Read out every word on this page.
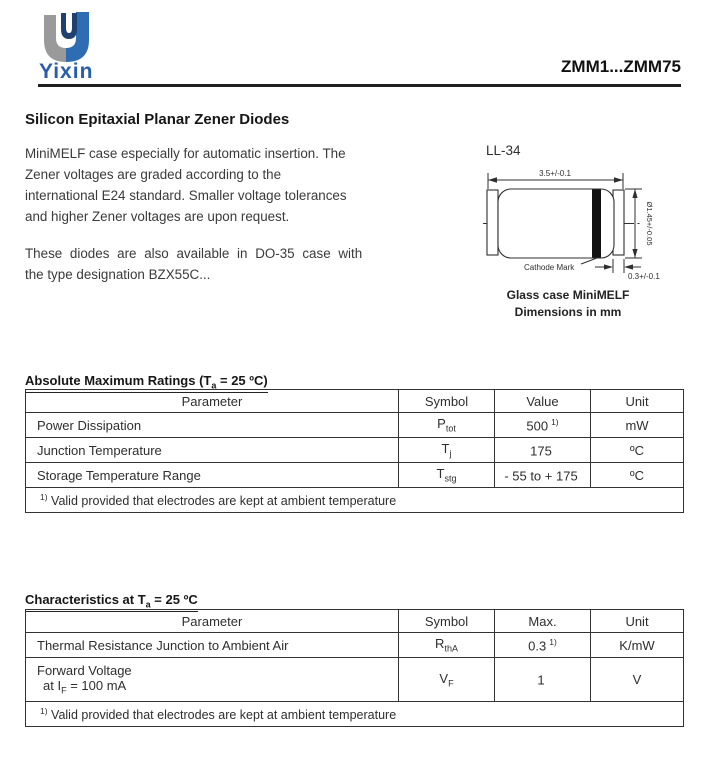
Yixin	ZMM1...ZMM75
Silicon Epitaxial Planar Zener Diodes
MiniMELF case especially for automatic insertion. The
Zener voltages are graded according to the
international E24 standard. Smaller voltage tolerances
and higher Zener voltages are upon request.
These diodes are also available in DO-35 case with
the type designation BZX55C...
LL-34
3.5+/-0.1
Ø1.45+/-0.05
0.3+/-0.1
Cathode Mark
Glass case MiniMELF
Dimensions in mm
Absolute Maximum Ratings ($T_a = 25$ ºC)
Parameter	Symbol	Value	Unit
Power Dissipation	$P_{tot}$	500 $^{1)}$	mW
Junction Temperature	$T_j$	175	ºC
Storage Temperature Range	$T_{stg}$	- 55 to + 175	ºC
$^{1)}$ Valid provided that electrodes are kept at ambient temperature			
Characteristics at $T_a = 25$ ºC
Parameter	Symbol	Max.	Unit
Thermal Resistance Junction to Ambient Air	$R_{thA}$	0.3 $^{1)}$	K/mW

Forward Voltage
at $I_F = 100$ mA	$V_F$	1	V
$^{1)}$ Valid provided that electrodes are kept at ambient temperature			
